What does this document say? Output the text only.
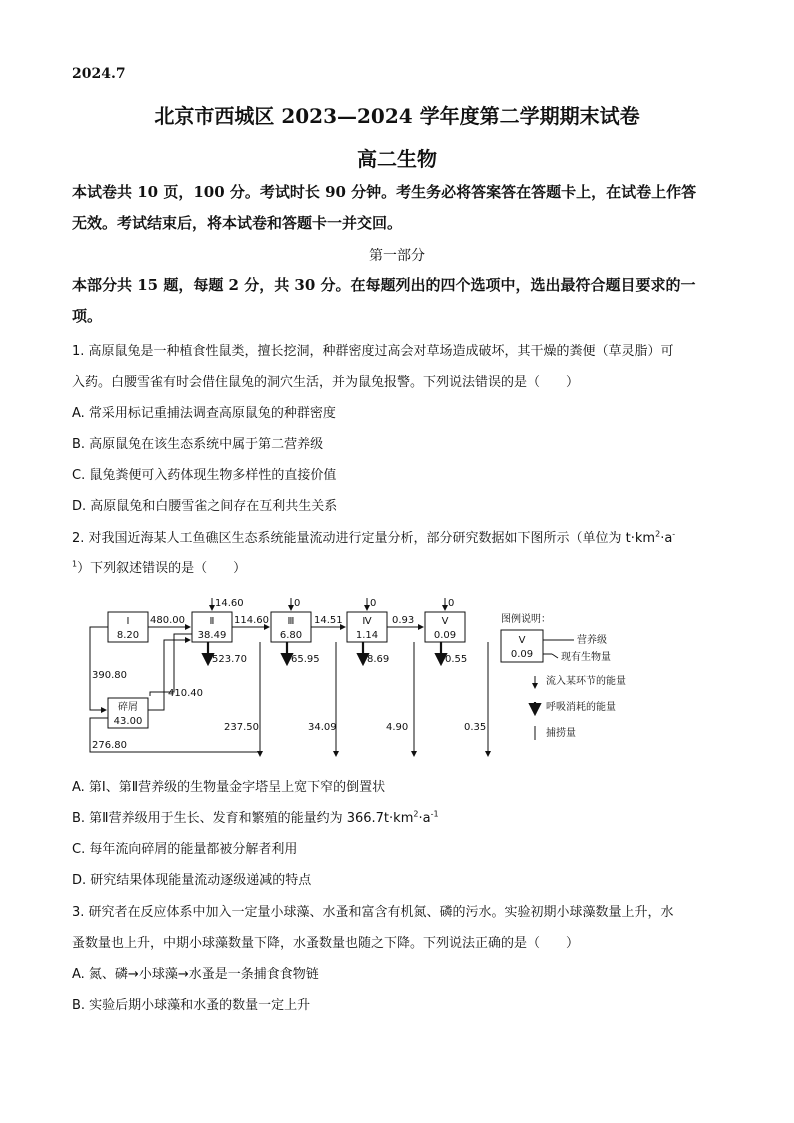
2024.7
北京市西城区 2023—2024 学年度第二学期期末试卷
高二生物
本试卷共 10 页，100 分。考试时长 90 分钟。考生务必将答案答在答题卡上，在试卷上作答
无效。考试结束后，将本试卷和答题卡一并交回。
第一部分
本部分共 15 题，每题 2 分，共 30 分。在每题列出的四个选项中，选出最符合题目要求的一
项。
1. 高原鼠兔是一种植食性鼠类，擅长挖洞，种群密度过高会对草场造成破坏，其干燥的粪便（草灵脂）可
入药。白腰雪雀有时会借住鼠兔的洞穴生活，并为鼠兔报警。下列说法错误的是（　　）
A. 常采用标记重捕法调查高原鼠兔的种群密度
B. 高原鼠兔在该生态系统中属于第二营养级
C. 鼠兔粪便可入药体现生物多样性的直接价值
D. 高原鼠兔和白腰雪雀之间存在互利共生关系
2. 对我国近海某人工鱼礁区生态系统能量流动进行定量分析，部分研究数据如下图所示（单位为 $t\cdot km^2\cdot a^-$
$^1$）下列叙述错误的是（　　）
Ⅰ
8.20
Ⅱ
38.49
Ⅲ
6.80
Ⅳ
1.14
Ⅴ
0.09
碎屑
43.00
480.00	114.60	14.51	0.93
14.60	0	0	0
523.70	65.95	8.69	0.55
237.50	34.09	4.90	0.35
390.80
410.40
276.80
图例说明：
Ⅴ
0.09
营养级
现有生物量
流入某环节的能量
呼吸消耗的能量
捕捞量
A. 第Ⅰ、第Ⅱ营养级的生物量金字塔呈上宽下窄的倒置状
B. 第Ⅱ营养级用于生长、发育和繁殖的能量约为 $366.7t\cdot km^2\cdot a^{-1}$
C. 每年流向碎屑的能量都被分解者利用
D. 研究结果体现能量流动逐级递减的特点
3. 研究者在反应体系中加入一定量小球藻、水蚤和富含有机氮、磷的污水。实验初期小球藻数量上升，水
蚤数量也上升，中期小球藻数量下降，水蚤数量也随之下降。下列说法正确的是（　　）
A. 氮、磷→小球藻→水蚤是一条捕食食物链
B. 实验后期小球藻和水蚤的数量一定上升
